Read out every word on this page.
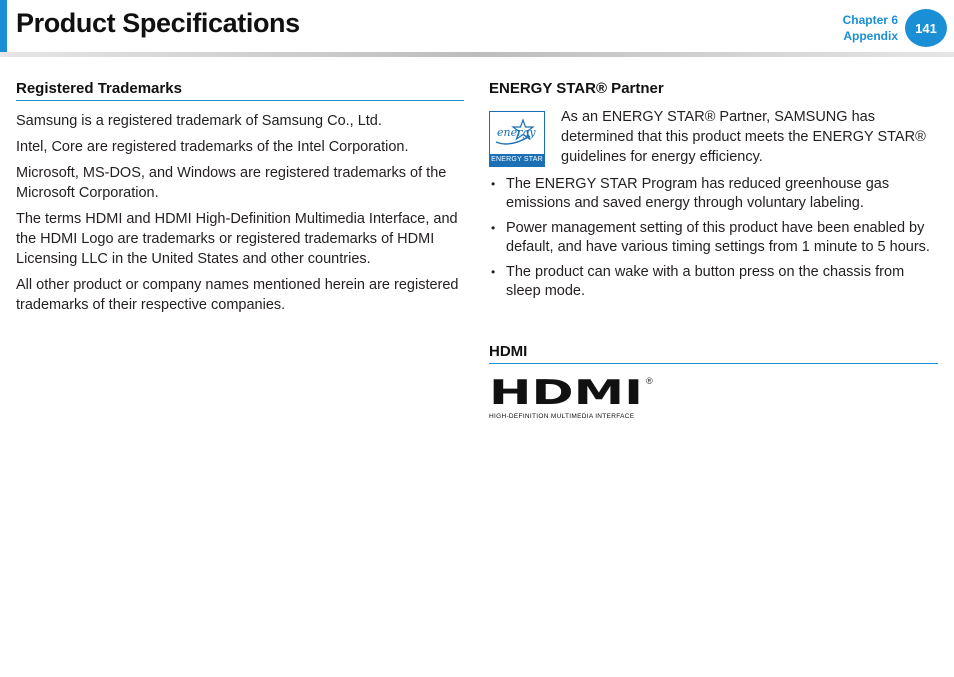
Product Specifications	Chapter 6
Appendix
141
Registered Trademarks

Samsung is a registered trademark of Samsung Co., Ltd.

Intel, Core are registered trademarks of the Intel Corporation.

Microsoft, MS-DOS, and Windows are registered trademarks of the Microsoft Corporation.

The terms HDMI and HDMI High-Definition Multimedia Interface, and the HDMI Logo are trademarks or registered trademarks of HDMI Licensing LLC in the United States and other countries.

All other product or company names mentioned herein are registered trademarks of their respective companies.

ENERGY STAR® Partner
energy
ENERGY STAR
As an ENERGY STAR® Partner, SAMSUNG has determined that this product meets the ENERGY STAR® guidelines for energy efficiency.
• The ENERGY STAR Program has reduced greenhouse gas emissions and saved energy through voluntary labeling.
• Power management setting of this product have been enabled by default, and have various timing settings from 1 minute to 5 hours.
• The product can wake with a button press on the chassis from sleep mode.
HDMI
HDMI ®
HIGH-DEFINITION MULTIMEDIA INTERFACE
